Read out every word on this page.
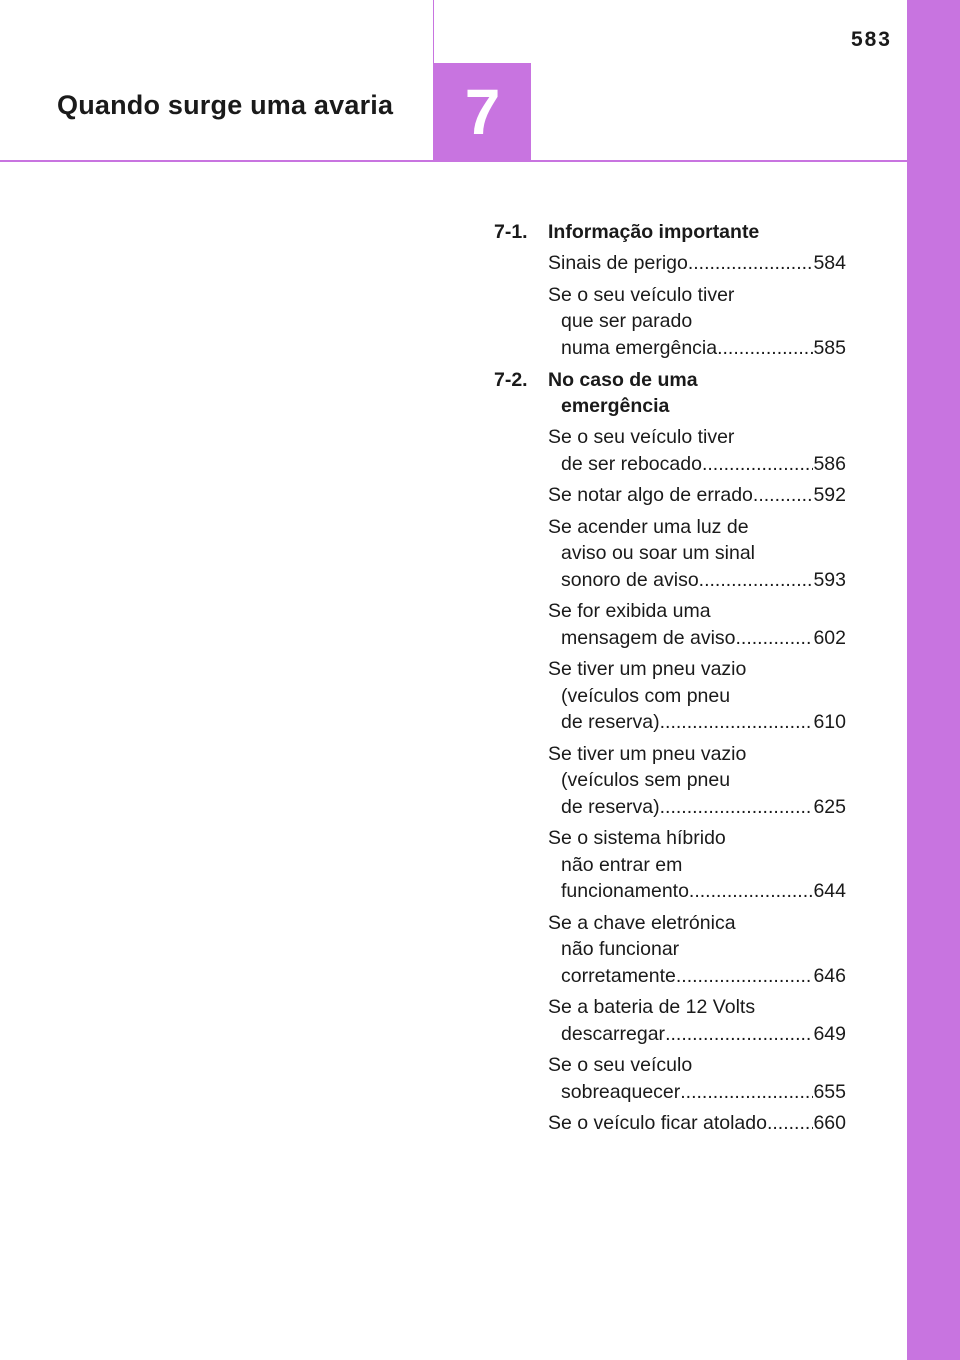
583
Quando surge uma avaria 7
7-1.	Informação importante
Sinais de perigo .....	584
Se o seu veículo tiver
que ser parado
numa emergência .....	585
7-2.	No caso de uma
emergência
Se o seu veículo tiver
de ser rebocado .....	586
Se notar algo de errado .....	592
Se acender uma luz de
aviso ou soar um sinal
sonoro de aviso .....	593
Se for exibida uma
mensagem de aviso .....	602
Se tiver um pneu vazio
(veículos com pneu
de reserva) .....	610
Se tiver um pneu vazio
(veículos sem pneu
de reserva) .....	625
Se o sistema híbrido
não entrar em
funcionamento .....	644
Se a chave eletrónica
não funcionar
corretamente .....	646
Se a bateria de 12 Volts
descarregar .....	649
Se o seu veículo
sobreaquecer .....	655
Se o veículo ficar atolado ..... 660
